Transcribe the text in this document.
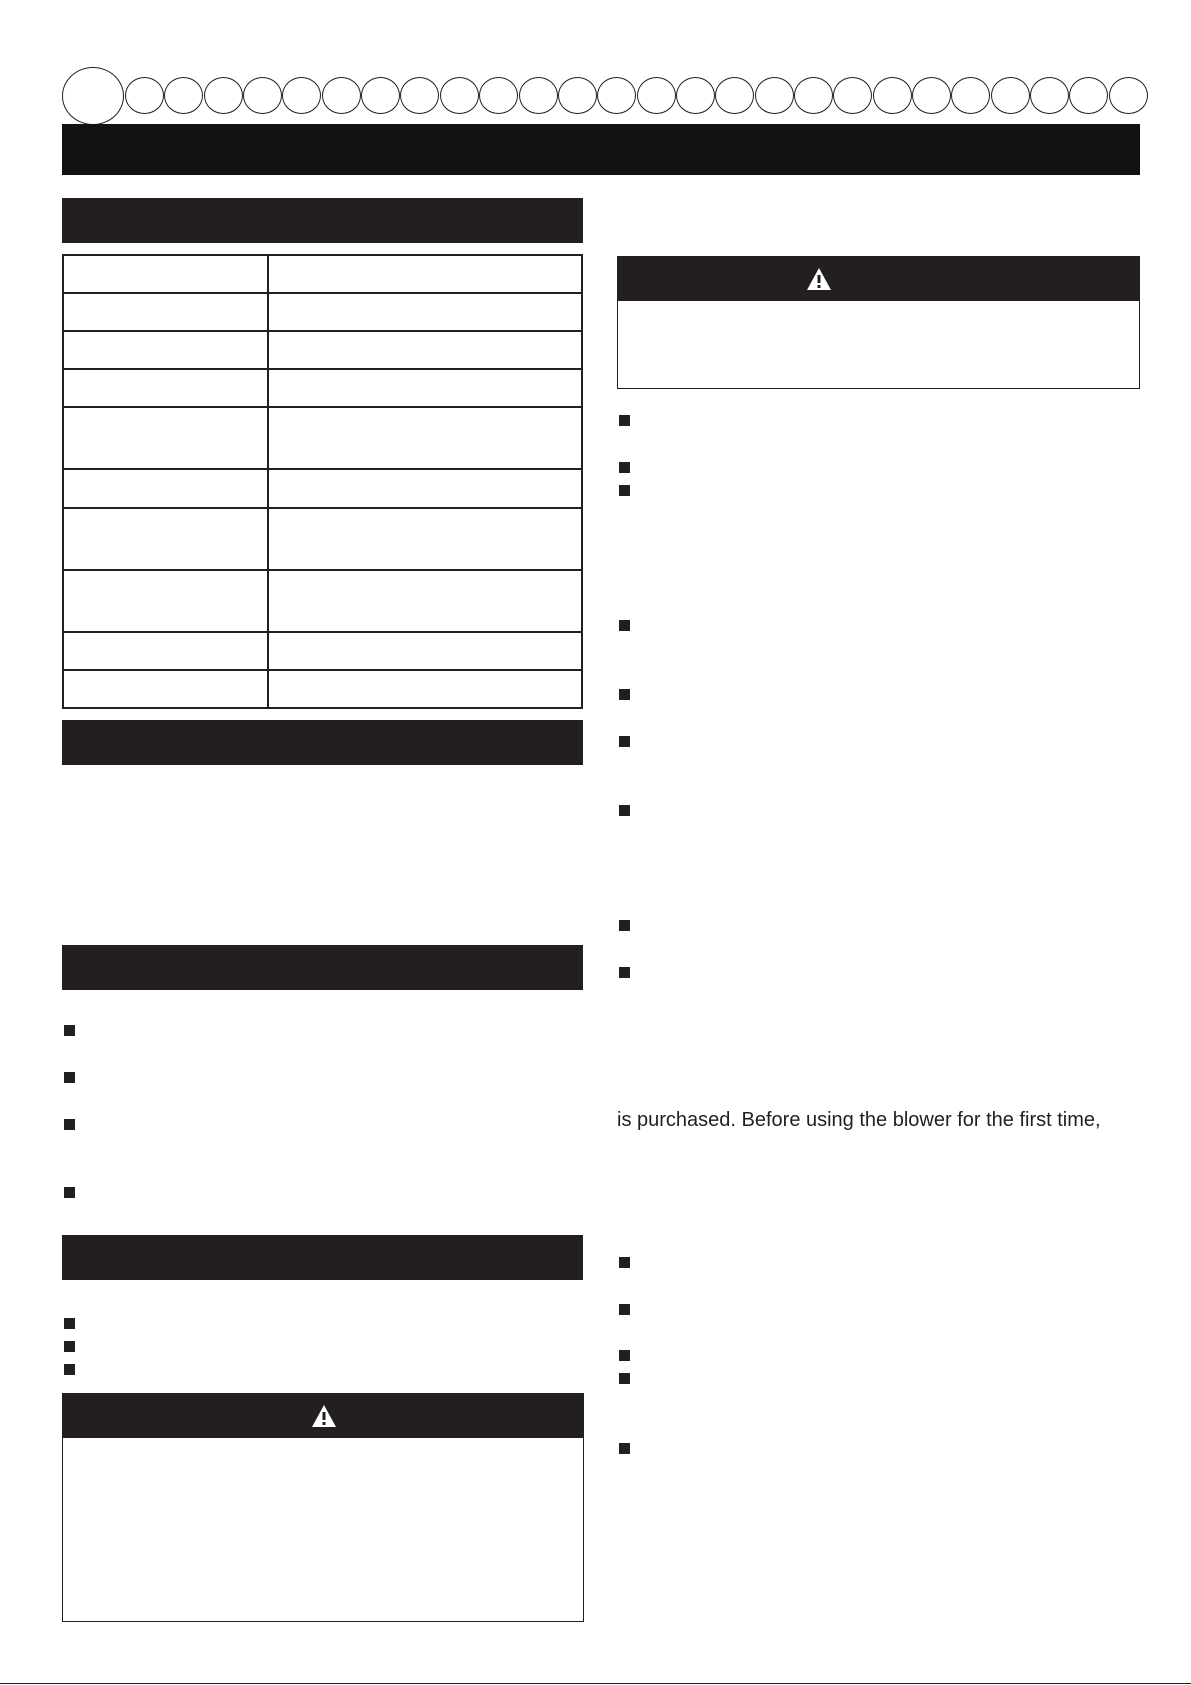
is purchased. Before using the blower for the first time,
